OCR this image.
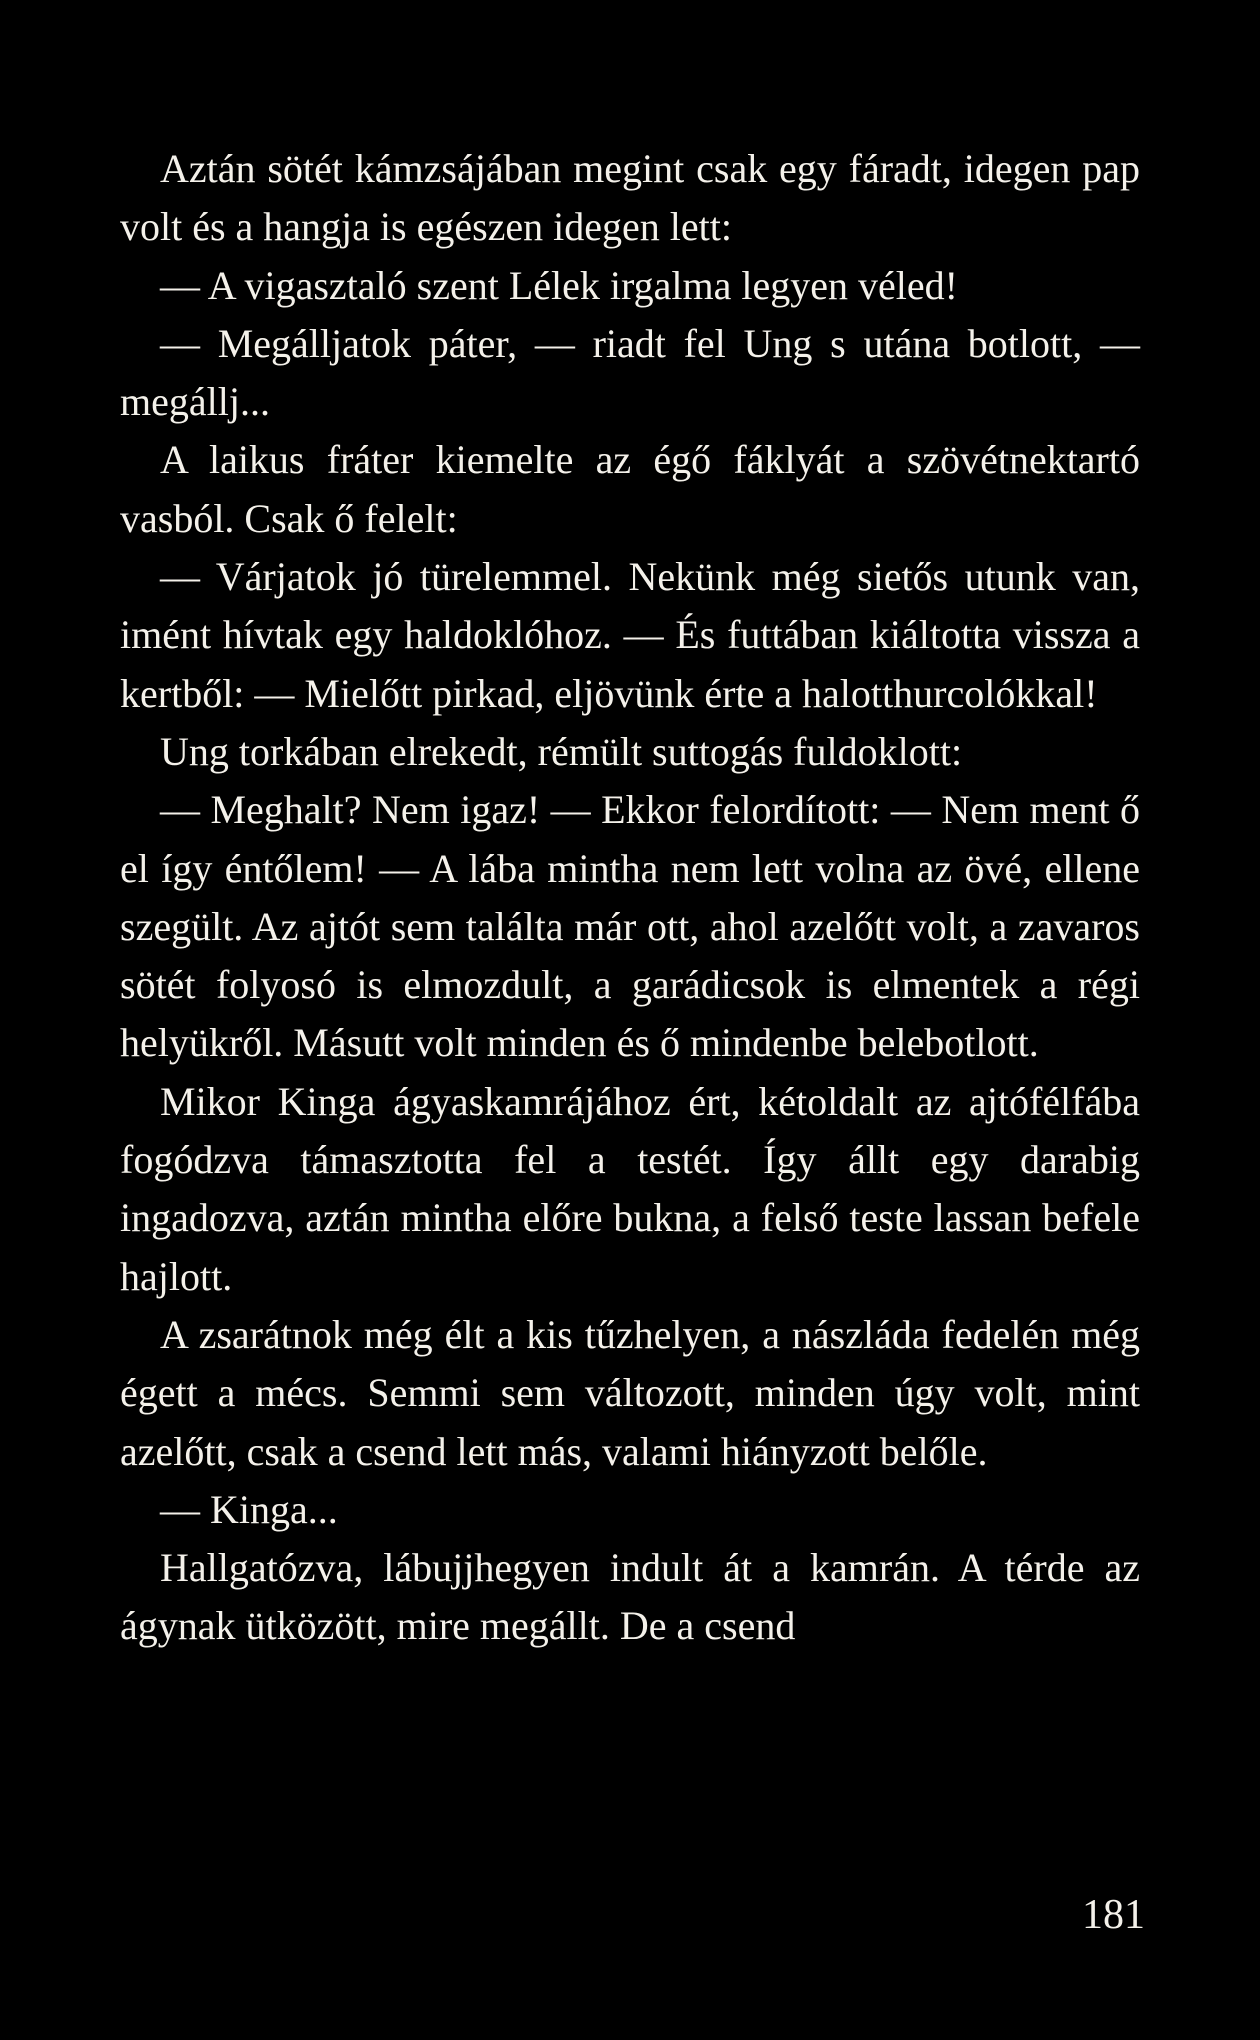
Aztán sötét kámzsájában megint csak egy fáradt, idegen pap volt és a hangja is egészen idegen lett:

— A vigasztaló szent Lélek irgalma legyen véled!

— Megálljatok páter, — riadt fel Ung s utána botlott, — megállj...

A laikus fráter kiemelte az égő fáklyát a szövétnektartó vasból. Csak ő felelt:

— Várjatok jó türelemmel. Nekünk még sietős utunk van, imént hívtak egy haldoklóhoz. — És futtában kiáltotta vissza a kertből: — Mielőtt pirkad, eljövünk érte a halotthurcolókkal!

Ung torkában elrekedt, rémült suttogás fuldoklott:

— Meghalt? Nem igaz! — Ekkor felordított: — Nem ment ő el így éntőlem! — A lába mintha nem lett volna az övé, ellene szegült. Az ajtót sem találta már ott, ahol azelőtt volt, a zavaros sötét folyosó is elmozdult, a garádicsok is elmentek a régi helyükről. Másutt volt minden és ő mindenbe belebotlott.

Mikor Kinga ágyaskamrájához ért, kétoldalt az ajtófélfába fogódzva támasztotta fel a testét. Így állt egy darabig ingadozva, aztán mintha előre bukna, a felső teste lassan befele hajlott.

A zsarátnok még élt a kis tűzhelyen, a nászláda fedelén még égett a mécs. Semmi sem változott, minden úgy volt, mint azelőtt, csak a csend lett más, valami hiányzott belőle.

— Kinga...

Hallgatózva, lábujjhegyen indult át a kamrán. A térde az ágynak ütközött, mire megállt. De a csend

181
